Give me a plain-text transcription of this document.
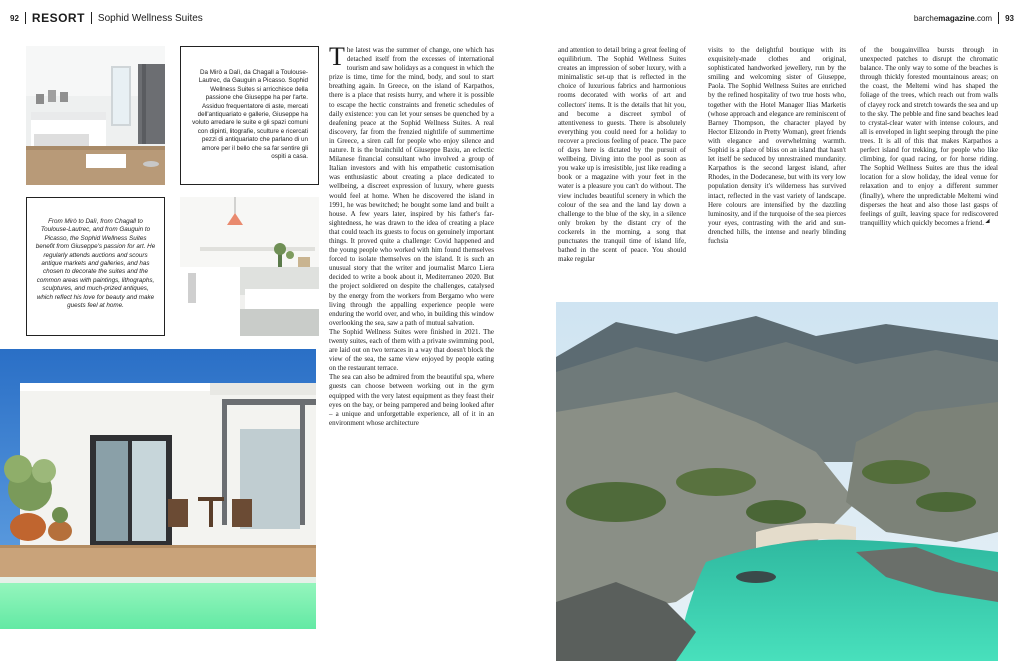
92 RESORT Sophid Wellness Suites	barchemagazine.com 93
Da Mirò a Dalì, da Chagall a Toulouse-Lautrec, da Gauguin a Picasso. Sophid Wellness Suites si arricchisce della passione che Giuseppe ha per l'arte. Assiduo frequentatore di aste, mercati dell'antiquariato e gallerie, Giuseppe ha voluto arredare le suite e gli spazi comuni con dipinti, litografie, sculture e ricercati pezzi di antiquariato che parlano di un amore per il bello che sa far sentire gli ospiti a casa.
From Mirò to Dalì, from Chagall to Toulouse-Lautrec, and from Gauguin to Picasso, the Sophid Wellness Suites benefit from Giuseppe's passion for art. He regularly attends auctions and scours antique markets and galleries, and has chosen to decorate the suites and the common areas with paintings, lithographs, sculptures, and much-prized antiques, which reflect his love for beauty and make guests feel at home.

The latest was the summer of change, one which has detached itself from the excesses of international tourism and saw holidays as a conquest in which the prize is time, time for the mind, body, and soul to start breathing again. In Greece, on the island of Karpathos, there is a place that resists hurry, and where it is possible to escape the hectic constraints and frenetic schedules of daily existence: you can let your senses be quenched by a deafening peace at the Sophid Wellness Suites. A real discovery, far from the frenzied nightlife of summertime in Greece, a siren call for people who enjoy silence and nature. It is the brainchild of Giuseppe Baxiu, an eclectic Milanese financial consultant who involved a group of Italian investors and with his empathetic customisation was enthusiastic about creating a place dedicated to wellbeing, a discreet expression of luxury, where guests would feel at home. When he discovered the island in 1991, he was bewitched; he bought some land and built a house. A few years later, inspired by his father's far-sightedness, he was drawn to the idea of creating a place that could teach its guests to focus on genuinely important things. It proved quite a challenge: Covid happened and the young people who worked with him found themselves forced to isolate themselves on the island. It is such an unusual story that the writer and journalist Marco Liera decided to write a book about it, Mediterraneo 2020. But the project soldiered on despite the challenges, catalysed by the energy from the workers from Bergamo who were living through the appalling experience people were enduring the world over, and who, in building this window overlooking the sea, saw a path of mutual salvation.

The Sophid Wellness Suites were finished in 2021. The twenty suites, each of them with a private swimming pool, are laid out on two terraces in a way that doesn't block the view of the sea, the same view enjoyed by people eating on the restaurant terrace.

The sea can also be admired from the beautiful spa, where guests can choose between working out in the gym equipped with the very latest equipment as they feast their eyes on the bay, or being pampered and being looked after – a unique and unforgettable experience, all of it in an environment whose architecture

and attention to detail bring a great feeling of equilibrium. The Sophid Wellness Suites creates an impression of sober luxury, with a minimalistic set-up that is reflected in the choice of luxurious fabrics and harmonious rooms decorated with works of art and collectors' items. It is the details that hit you, and become a discreet symbol of attentiveness to guests. There is absolutely everything you could need for a holiday to recover a precious feeling of peace. The pace of days here is dictated by the pursuit of wellbeing. Diving into the pool as soon as you wake up is irresistible, just like reading a book or a magazine with your feet in the water is a pleasure you can't do without. The view includes beautiful scenery in which the colour of the sea and the land lay down a challenge to the blue of the sky, in a silence only broken by the distant cry of the cockerels in the morning, a song that punctuates the tranquil time of island life, bathed in the scent of peace. You should make regular

visits to the delightful boutique with its exquisitely-made clothes and original, sophisticated handworked jewellery, run by the smiling and welcoming sister of Giuseppe, Paola. The Sophid Wellness Suites are enriched by the refined hospitality of two true hosts who, together with the Hotel Manager Ilias Marketis (whose approach and elegance are reminiscent of Barney Thompson, the character played by Hector Elizondo in Pretty Woman), greet friends with elegance and overwhelming warmth. Sophid is a place of bliss on an island that hasn't let itself be seduced by unrestrained mundanity. Karpathos is the second largest island, after Rhodes, in the Dodecanese, but with its very low population density it's wilderness has survived intact, reflected in the vast variety of landscape. Here colours are intensified by the dazzling luminosity, and if the turquoise of the sea pierces your eyes, contrasting with the arid and sun-drenched hills, the intense and nearly blinding fuchsia

of the bougainvillea bursts through in unexpected patches to disrupt the chromatic balance. The only way to some of the beaches is through thickly forested mountainous areas; on the coast, the Meltemi wind has shaped the foliage of the trees, which reach out from walls of clayey rock and stretch towards the sea and up to the sky. The pebble and fine sand beaches lead to crystal-clear water with intense colours, and all is enveloped in light seeping through the pine trees. It is all of this that makes Karpathos a perfect island for trekking, for people who like climbing, for quad racing, or for horse riding. The Sophid Wellness Suites are thus the ideal location for a slow holiday, the ideal venue for relaxation and to enjoy a different summer (finally), where the unpredictable Meltemi wind disperses the heat and also those last gasps of feelings of guilt, leaving space for rediscovered tranquillity which quickly becomes a friend.
